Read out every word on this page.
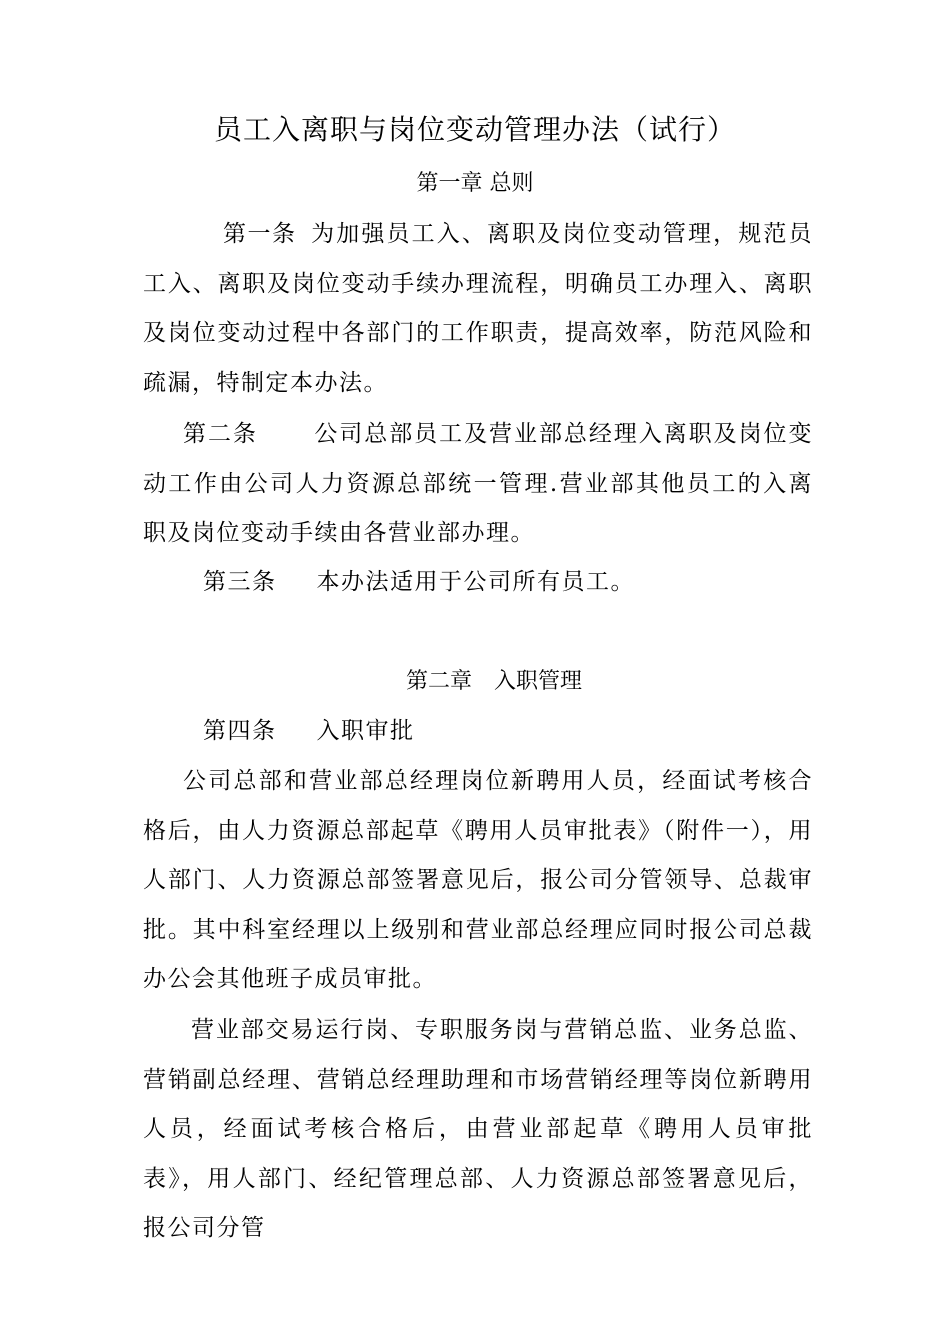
员工入离职与岗位变动管理办法（试行）
第一章 总则

第一条 为加强员工入、离职及岗位变动管理，规范员工入、离职及岗位变动手续办理流程，明确员工办理入、离职及岗位变动过程中各部门的工作职责，提高效率，防范风险和疏漏，特制定本办法。

第二条 公司总部员工及营业部总经理入离职及岗位变动工作由公司人力资源总部统一管理.营业部其他员工的入离职及岗位变动手续由各营业部办理。

第三条 本办法适用于公司所有员工。

第二章　入职管理

第四条 入职审批

公司总部和营业部总经理岗位新聘用人员，经面试考核合格后，由人力资源总部起草《聘用人员审批表》（附件一），用人部门、人力资源总部签署意见后，报公司分管领导、总裁审批。其中科室经理以上级别和营业部总经理应同时报公司总裁办公会其他班子成员审批。

营业部交易运行岗、专职服务岗与营销总监、业务总监、营销副总经理、营销总经理助理和市场营销经理等岗位新聘用人员，经面试考核合格后，由营业部起草《聘用人员审批表》，用人部门、经纪管理总部、人力资源总部签署意见后，报公司分管
